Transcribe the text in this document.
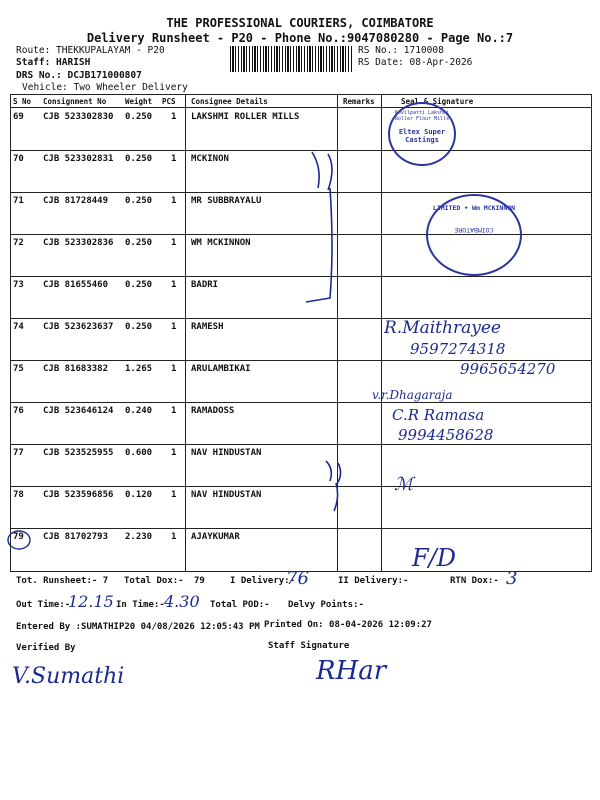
THE PROFESSIONAL COURIERS, COIMBATORE
Delivery Runsheet - P20 - Phone No.:9047080280 - Page No.:7
Route: THEKKUPALAYAM - P20
Staff: HARISH
DRS No.: DCJB171000807
Vehicle: Two Wheeler Delivery
RS No.: 1710008
RS Date: 08-Apr-2026
S No Consignment No	Weight PCS Consignee Details	Remarks	Seal & Signature
69 CJB 523302830 0.250 1 LAKSHMI ROLLER MILLS
70 CJB 523302831 0.250 1 MCKINON
71 CJB 81728449 0.250 1 MR SUBBRAYALU
72 CJB 523302836 0.250 1 WM MCKINNON
73 CJB 81655460 0.250 1 BADRI
74 CJB 523623637 0.250 1 RAMESH
75 CJB 81683382 1.265 1 ARULAMBIKAI
76 CJB 523646124 0.240 1 RAMADOSS
77 CJB 523525955 0.600 1 NAV HINDUSTAN
78 CJB 523596856 0.120 1 NAV HINDUSTAN
79 CJB 81702793 2.230 1 AJAYKUMAR
Kovilpatti Lakshmi Roller Flour Mills
Eltex Super Castings
LIMITED • Wm MCKINNON
COIMBATORE
R.Maithrayee
9597274318
9965654270
v.r.Dhagaraja
C.R Ramasa
9994458628
ℳ
F/D
Tot. Runsheet:- 7 Total Dox:- 79	I Delivery:-
76	II Delivery:-	RTN Dox:- 3
Out Time:-
12.15 In Time:- 4.30 Total POD:- Delvy Points:-
Entered By :SUMATHIP20 04/08/2026 12:05:43 PM Printed On: 08-04-2026 12:09:27
Verified By	Staff Signature
V.Sumathi	RHar
